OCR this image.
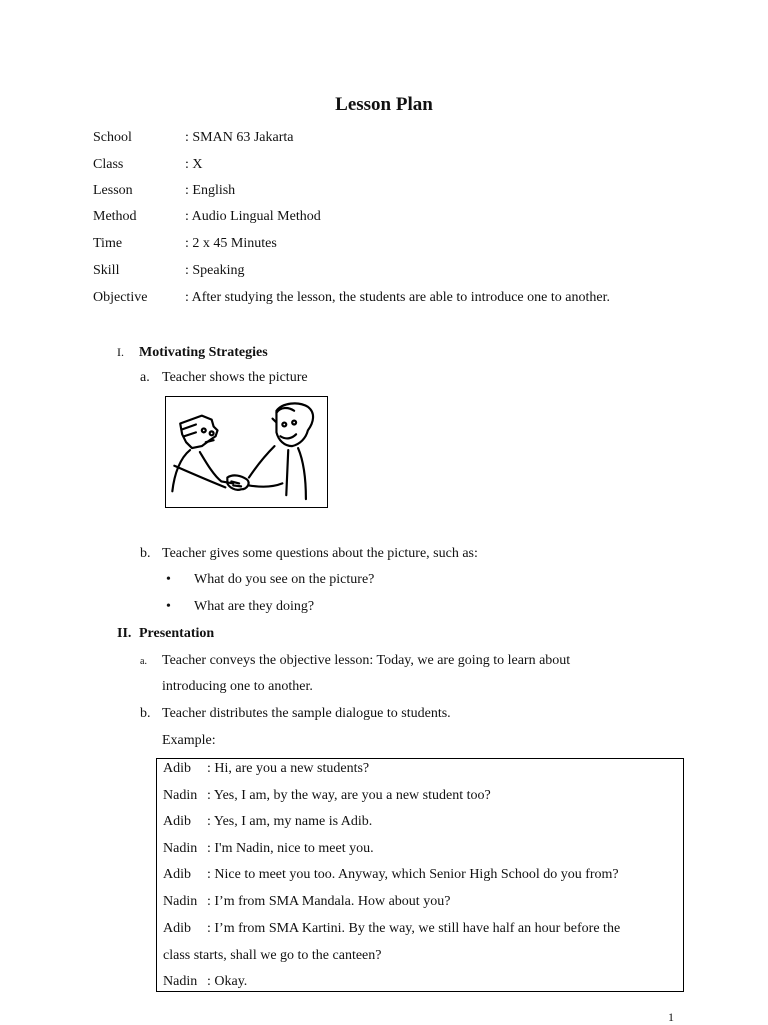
Lesson Plan
School	: SMAN 63 Jakarta
Class	: X
Lesson	: English
Method	: Audio Lingual Method
Time	: 2 x 45 Minutes
Skill	: Speaking
Objective	: After studying the lesson, the students are able to introduce one to another.
I. Motivating Strategies
a. Teacher shows the picture
b. Teacher gives some questions about the picture, such as:
• What do you see on the picture?
• What are they doing?
II. Presentation
a. Teacher conveys the objective lesson: Today, we are going to learn about
introducing one to another.
b. Teacher distributes the sample dialogue to students.
Example:
Adib : Hi, are you a new students?
Nadin : Yes, I am, by the way, are you a new student too?
Adib : Yes, I am, my name is Adib.
Nadin : I'm Nadin, nice to meet you.
Adib : Nice to meet you too. Anyway, which Senior High School do you from?
Nadin : I’m from SMA Mandala. How about you?
Adib : I’m from SMA Kartini. By the way, we still have half an hour before the
class starts, shall we go to the canteen?
Nadin : Okay.
1
